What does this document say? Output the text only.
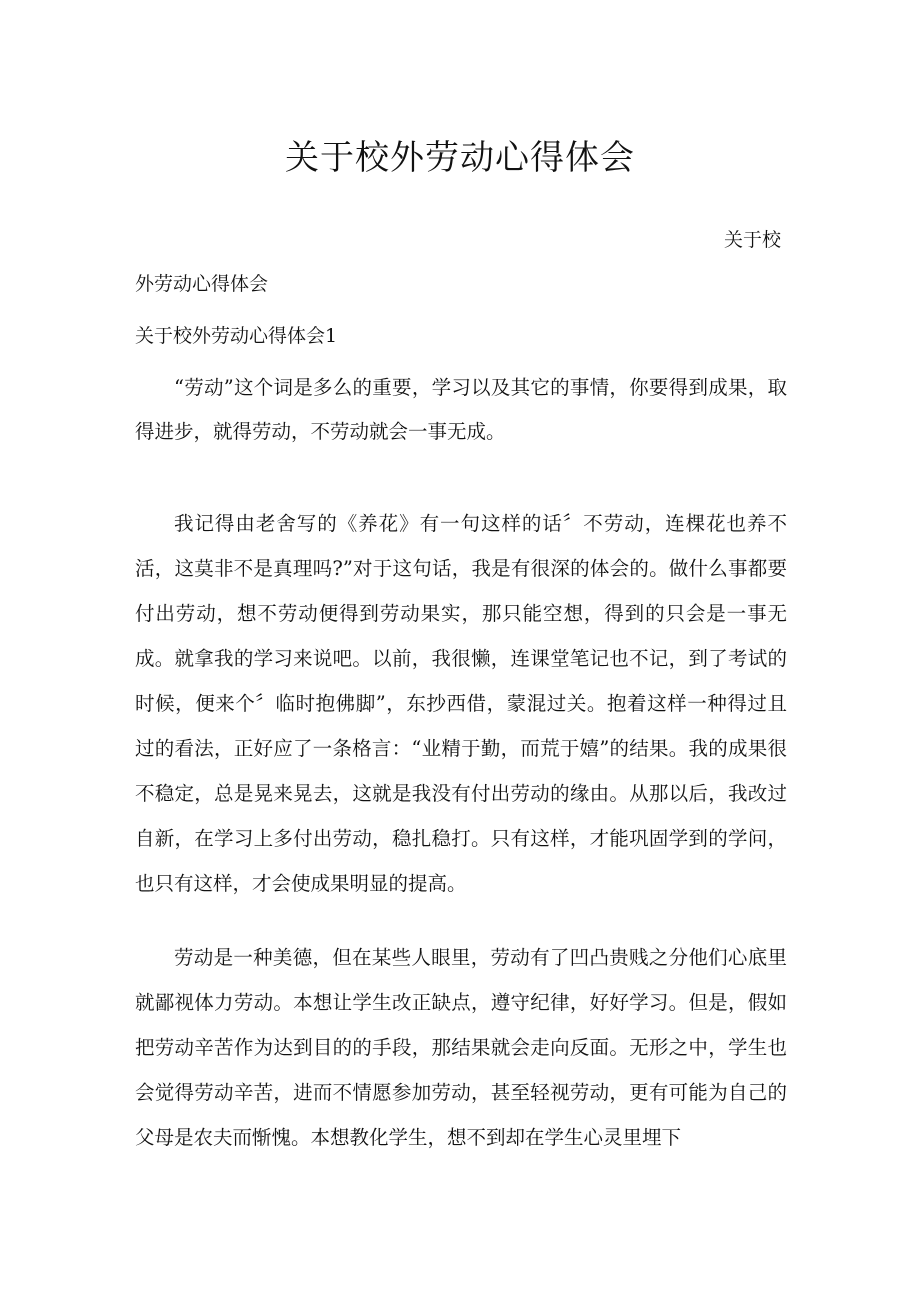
关于校外劳动心得体会
关于校
外劳动心得体会
关于校外劳动心得体会1

“劳动”这个词是多么的重要，学习以及其它的事情，你要得到成果，取得进步，就得劳动，不劳动就会一事无成。

我记得由老舍写的《养花》有一句这样的话〞不劳动，连棵花也养不活，这莫非不是真理吗?”对于这句话，我是有很深的体会的。做什么事都要付出劳动，想不劳动便得到劳动果实，那只能空想，得到的只会是一事无成。就拿我的学习来说吧。以前，我很懒，连课堂笔记也不记，到了考试的时候，便来个〞临时抱佛脚”，东抄西借，蒙混过关。抱着这样一种得过且过的看法，正好应了一条格言：“业精于勤，而荒于嬉”的结果。我的成果很不稳定，总是晃来晃去，这就是我没有付出劳动的缘由。从那以后，我改过自新，在学习上多付出劳动，稳扎稳打。只有这样，才能巩固学到的学问，也只有这样，才会使成果明显的提高。

劳动是一种美德，但在某些人眼里，劳动有了凹凸贵贱之分他们心底里就鄙视体力劳动。本想让学生改正缺点，遵守纪律，好好学习。但是，假如把劳动辛苦作为达到目的的手段，那结果就会走向反面。无形之中，学生也会觉得劳动辛苦，进而不情愿参加劳动，甚至轻视劳动，更有可能为自己的父母是农夫而惭愧。本想教化学生，想不到却在学生心灵里埋下
